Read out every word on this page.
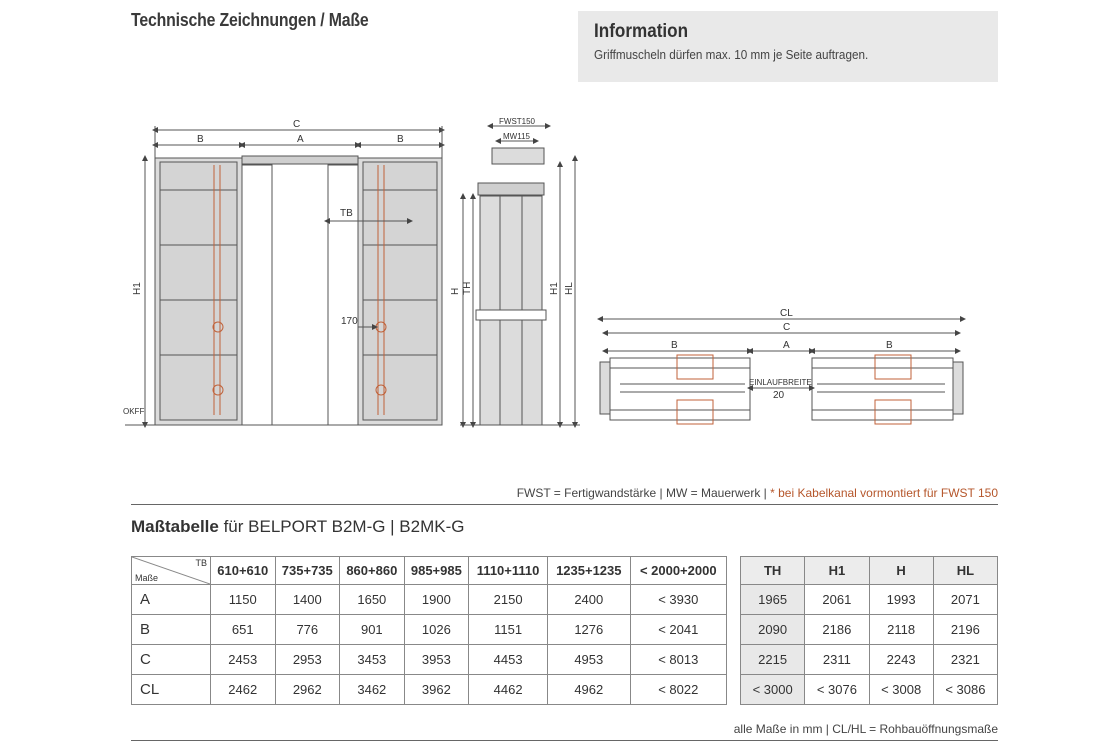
Technische Zeichnungen / Maße
Information
Griffmuscheln dürfen max. 10 mm je Seite auftragen.
C
B	A	B
TB
170
H1
OKFF
FWST150
MW115
H TH	H1 HL
CL
C
B	A	B
EINLAUFBREITE
20
FWST = Fertigwandstärke | MW = Mauerwerk | * bei Kabelkanal vormontiert für FWST 150
Maßtabelle für BELPORT B2M-G | B2MK-G
TB
Maße	610+610	735+735	860+860	985+985	1110+1110	1235+1235	< 2000+2000
A	1150	1400	1650	1900	2150	2400	< 3930
B	651	776	901	1026	1151	1276	< 2041
C	2453	2953	3453	3953	4453	4953	< 8013
CL	2462	2962	3462	3962	4462	4962	< 8022
TH	H1	H	HL
1965	2061	1993	2071
2090	2186	2118	2196
2215	2311	2243	2321
< 3000	< 3076	< 3008	< 3086
alle Maße in mm | CL/HL = Rohbauöffnungsmaße
